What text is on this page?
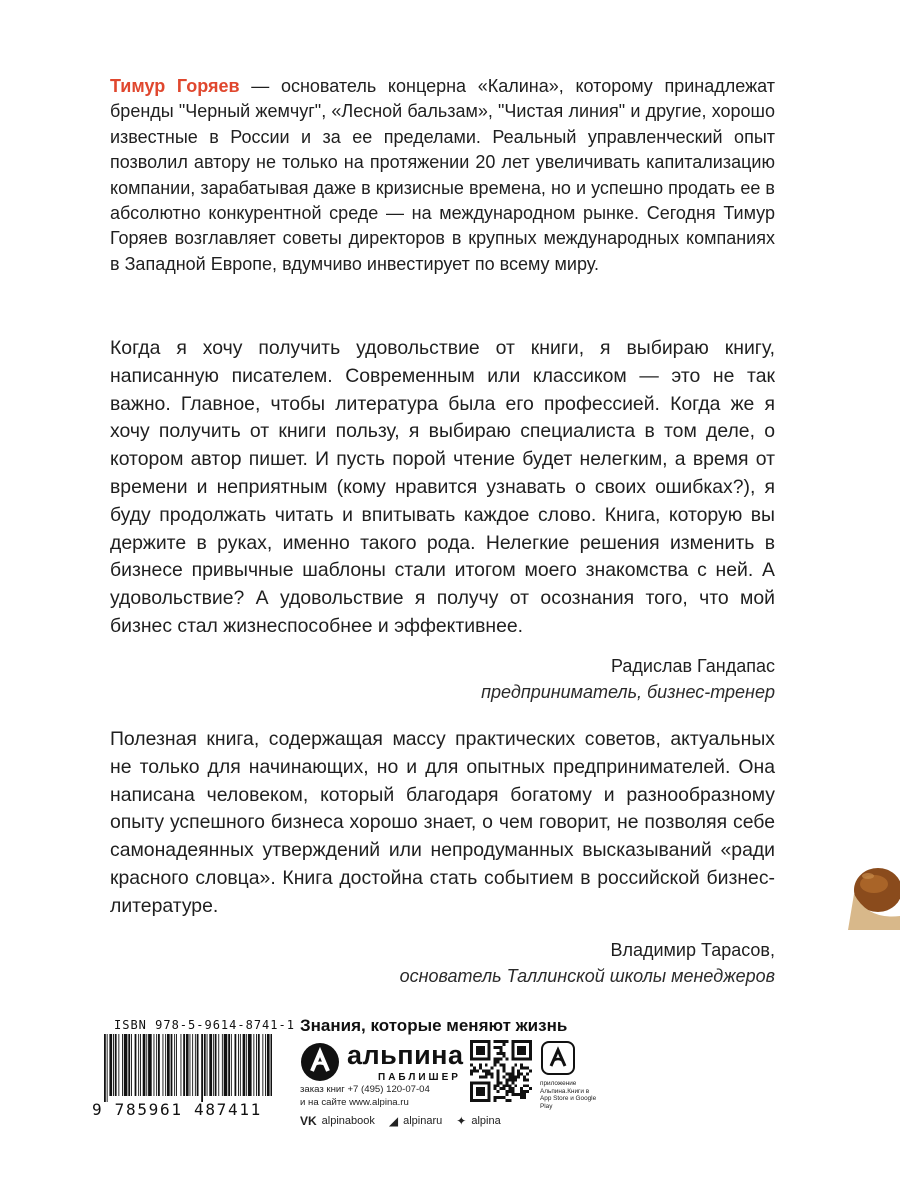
Тимур Горяев — основатель концерна «Калина», которому принадлежат бренды "Черный жемчуг", «Лесной бальзам», "Чистая линия" и другие, хорошо известные в России и за ее пределами. Реальный управленческий опыт позволил автору не только на протяжении 20 лет увеличивать капитализацию компании, зарабатывая даже в кризисные времена, но и успешно продать ее в абсолютно конкурентной среде — на международном рынке. Сегодня Тимур Горяев возглавляет советы директоров в крупных международных компаниях в Западной Европе, вдумчиво инвестирует по всему миру.

Когда я хочу получить удовольствие от книги, я выбираю книгу, написанную писателем. Современным или классиком — это не так важно. Главное, чтобы литература была его профессией. Когда же я хочу получить от книги пользу, я выбираю специалиста в том деле, о котором автор пишет. И пусть порой чтение будет нелегким, а время от времени и неприятным (кому нравится узнавать о своих ошибках?), я буду продолжать читать и впитывать каждое слово. Книга, которую вы держите в руках, именно такого рода. Нелегкие решения изменить в бизнесе привычные шаблоны стали итогом моего знакомства с ней. А удовольствие? А удовольствие я получу от осознания того, что мой бизнес стал жизнеспособнее и эффективнее.

Радислав Гандапас
предприниматель, бизнес-тренер

Полезная книга, содержащая массу практических советов, актуальных не только для начинающих, но и для опытных предпринимателей. Она написана человеком, который благодаря богатому и разнообразному опыту успешного бизнеса хорошо знает, о чем говорит, не позволяя себе самонадеянных утверждений или непродуманных высказываний «ради красного словца». Книга достойна стать событием в российской бизнес-литературе.

Владимир Тарасов,
основатель Таллинской школы менеджеров
ISBN 978-5-9614-8741-1
9 785961 487411
Знания, которые меняют жизнь
альпина
ПАБЛИШЕР
заказ книг +7 (495) 120-07-04
и на сайте www.alpina.ru
приложение Альпина.Книги в App Store и Google Play
VK alpinabook ◢ alpinaru ✦ alpina
